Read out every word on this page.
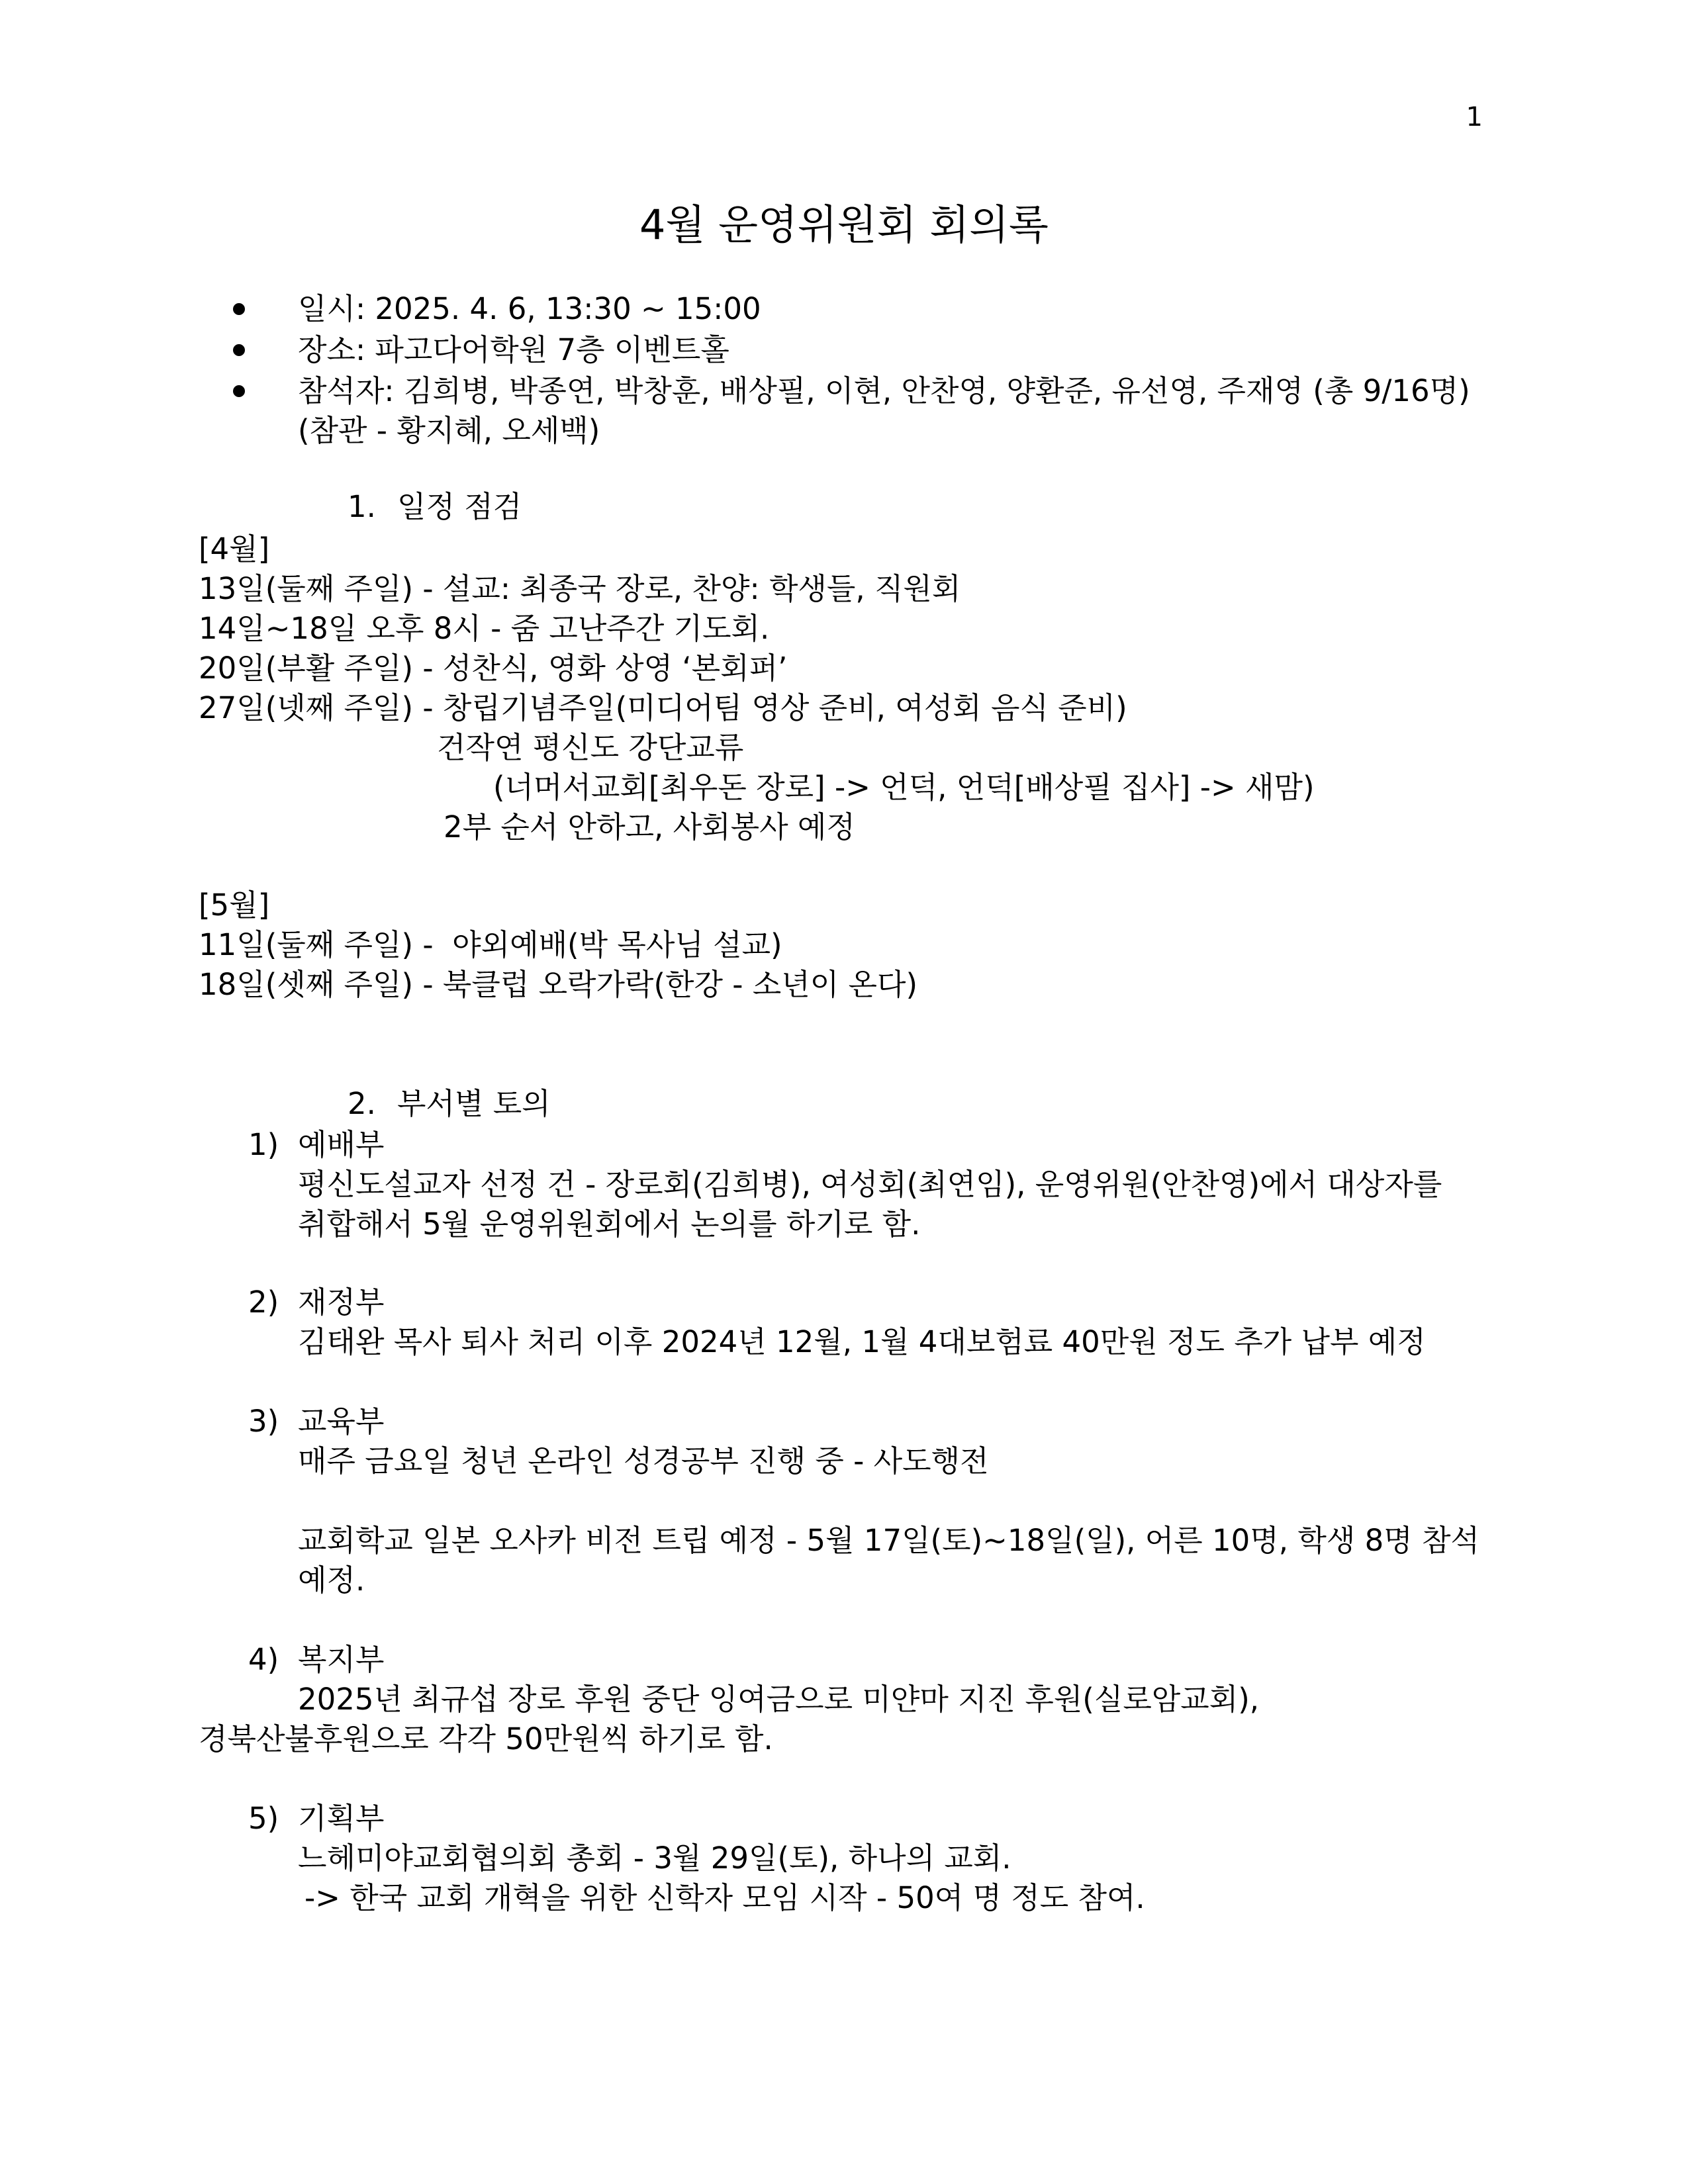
1
4월 운영위원회 회의록
일시: 2025. 4. 6, 13:30 ~ 15:00
장소: 파고다어학원 7층 이벤트홀
참석자: 김희병, 박종연, 박창훈, 배상필, 이현, 안찬영, 양환준, 유선영, 주재영 (총 9/16명)
(참관 - 황지혜, 오세백)
1. 일정 점검
[4월]
13일(둘째 주일) - 설교: 최종국 장로, 찬양: 학생들, 직원회
14일~18일 오후 8시 - 줌 고난주간 기도회.
20일(부활 주일) - 성찬식, 영화 상영 ‘본회퍼’
27일(넷째 주일) - 창립기념주일(미디어팀 영상 준비, 여성회 음식 준비)
건작연 평신도 강단교류
(너머서교회[최우돈 장로] -> 언덕, 언덕[배상필 집사] -> 새맘)
2부 순서 안하고, 사회봉사 예정
[5월]
11일(둘째 주일) -  야외예배(박 목사님 설교)
18일(셋째 주일) - 북클럽 오락가락(한강 - 소년이 온다)
2. 부서별 토의
1) 예배부
평신도설교자 선정 건 - 장로회(김희병), 여성회(최연임), 운영위원(안찬영)에서 대상자를
취합해서 5월 운영위원회에서 논의를 하기로 함.
2) 재정부
김태완 목사 퇴사 처리 이후 2024년 12월, 1월 4대보험료 40만원 정도 추가 납부 예정
3) 교육부
매주 금요일 청년 온라인 성경공부 진행 중 - 사도행전
교회학교 일본 오사카 비전 트립 예정 - 5월 17일(토)~18일(일), 어른 10명, 학생 8명 참석
예정.
4) 복지부
2025년 최규섭 장로 후원 중단 잉여금으로 미얀마 지진 후원(실로암교회),
경북산불후원으로 각각 50만원씩 하기로 함.
5) 기획부
느헤미야교회협의회 총회 - 3월 29일(토), 하나의 교회.
-> 한국 교회 개혁을 위한 신학자 모임 시작 - 50여 명 정도 참여.
